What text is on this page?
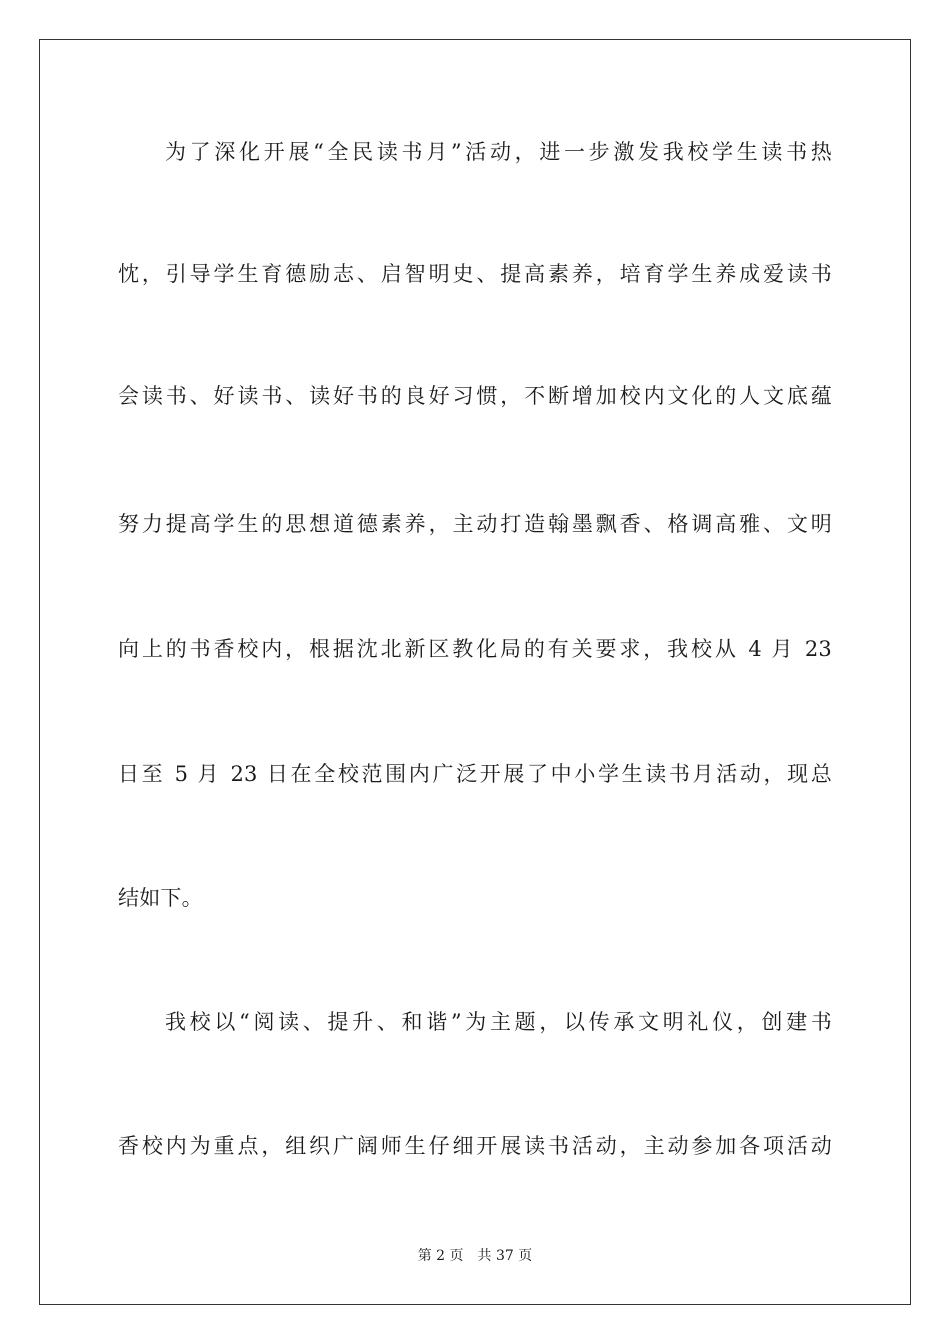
为了深化开展“全民读书月”活动，进一步激发我校学生读书热
忱，引导学生育德励志、启智明史、提高素养，培育学生养成爱读书
会读书、好读书、读好书的良好习惯，不断增加校内文化的人文底蕴
努力提高学生的思想道德素养，主动打造翰墨飘香、格调高雅、文明
向上的书香校内，根据沈北新区教化局的有关要求，我校从 4 月 23
日至 5 月 23 日在全校范围内广泛开展了中小学生读书月活动，现总
结如下。
我校以“阅读、提升、和谐”为主题，以传承文明礼仪，创建书
香校内为重点，组织广阔师生仔细开展读书活动，主动参加各项活动
第 2 页 共 37 页
